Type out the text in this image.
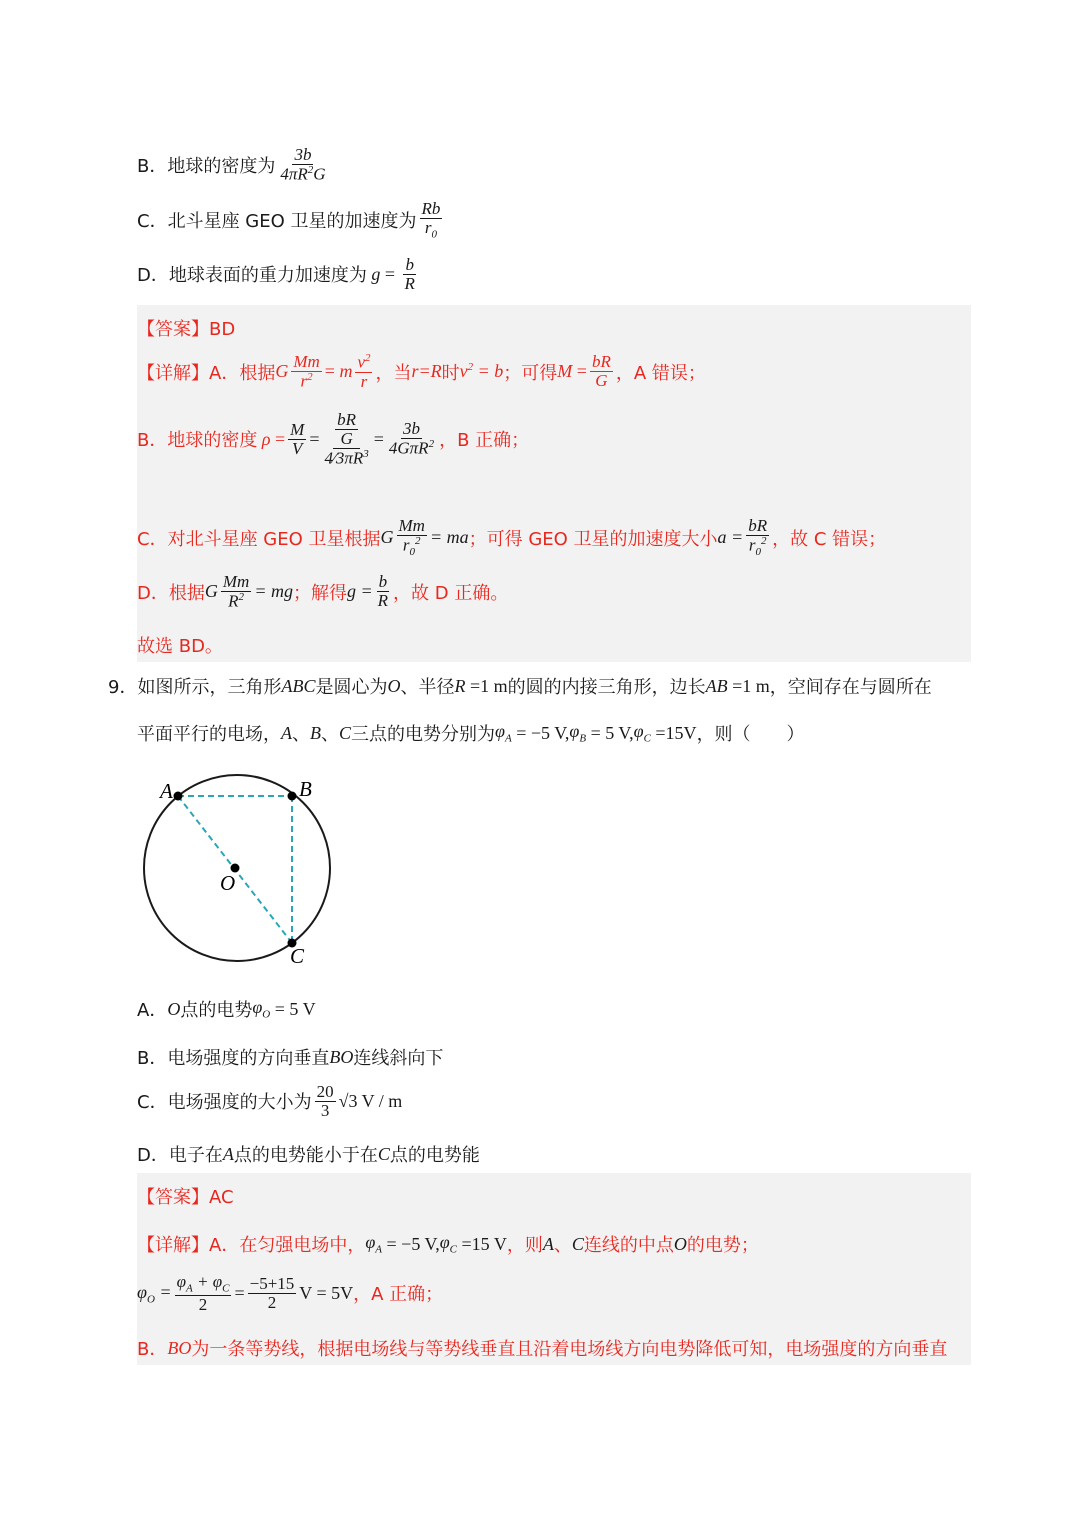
B．地球的密度为 $\frac{3b}{4\pi R^2G}$
C．北斗星座 GEO 卫星的加速度为 $\frac{Rb}{r_0}$
D．地球表面的重力加速度为 $g = \frac{b}{R}$
【答案】BD
【详解】 A．根据 G $\frac{Mm}{r^2} = m \frac{v^2}{r}$ ，当 r=R 时 $v^2 = b$ ；可得 $M = \frac{bR}{G}$ ，A 错误；
B．地球的密度 $\rho = \frac{M}{V} = \frac{\frac{bR}{G}}{4⁄3\pi R^3} = \frac{3b}{4G\pi R^2}$ ，B 正确；
C．对北斗星座 GEO 卫星根据 G $\frac{Mm}{r_0^2}$ = ma ；可得 GEO 卫星的加速度大小 $a = \frac{bR}{r_0^2}$ ，故 C 错误；
D．根据 G $\frac{Mm}{R^2}$ = mg ；解得 $g = \frac{b}{R}$ ，故 D 正确。
故选 BD。
9．如图所示，三角形 ABC 是圆心为 O 、半径 R =1 m 的圆的内接三角形，边长 AB =1 m ，空间存在与圆所在
平面平行的电场， A 、 B 、 C 三点的电势分别为 $\varphi_A = -5$ V, $\varphi_B = 5$ V, $\varphi_C =15V$ ，则（　　）
A	B
O
C
A． O 点的电势 $\varphi_O = 5$ V
B．电场强度的方向垂直 BO 连线斜向下
C．电场强度的大小为 $\frac{20}{3} √3$ V / m
D．电子在 A 点的电势能小于在 C 点的电势能
【答案】AC
【详解】 A．在匀强电场中， $\varphi_A = -5$ V, $\varphi_C =15$ V ，则 A 、 C 连线的中点 O 的电势；
$\varphi_O = \frac{\varphi_A + \varphi_C}{2} = \frac{-5+15}{2}$ V = 5V ，A 正确；
B． BO 为一条等势线，根据电场线与等势线垂直且沿着电场线方向电势降低可知，电场强度的方向垂直
